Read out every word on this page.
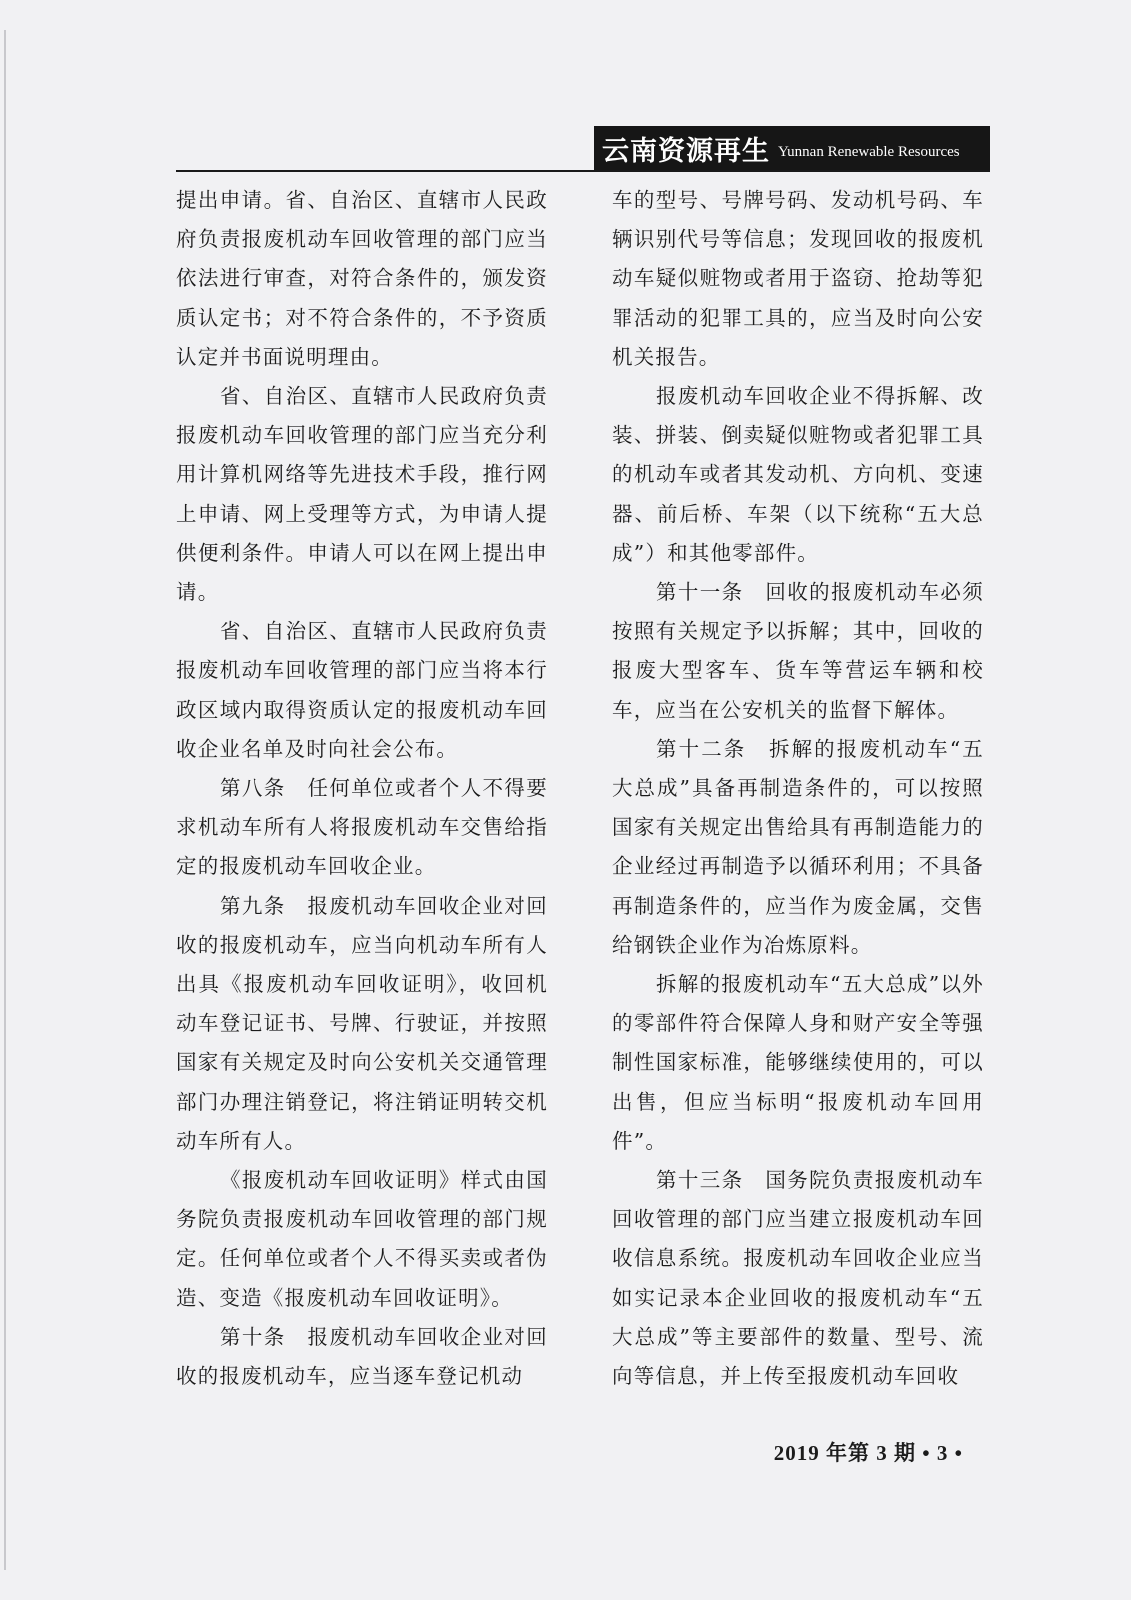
云南资源再生 Yunnan Renewable Resources

提出申请。省、自治区、直辖市人民政府负责报废机动车回收管理的部门应当依法进行审查，对符合条件的，颁发资质认定书；对不符合条件的，不予资质认定并书面说明理由。

省、自治区、直辖市人民政府负责报废机动车回收管理的部门应当充分利用计算机网络等先进技术手段，推行网上申请、网上受理等方式，为申请人提供便利条件。申请人可以在网上提出申请。

省、自治区、直辖市人民政府负责报废机动车回收管理的部门应当将本行政区域内取得资质认定的报废机动车回收企业名单及时向社会公布。

第八条　任何单位或者个人不得要求机动车所有人将报废机动车交售给指定的报废机动车回收企业。

第九条　报废机动车回收企业对回收的报废机动车，应当向机动车所有人出具《报废机动车回收证明》，收回机动车登记证书、号牌、行驶证，并按照国家有关规定及时向公安机关交通管理部门办理注销登记，将注销证明转交机动车所有人。

《报废机动车回收证明》样式由国务院负责报废机动车回收管理的部门规定。任何单位或者个人不得买卖或者伪造、变造《报废机动车回收证明》。

第十条　报废机动车回收企业对回收的报废机动车，应当逐车登记机动

车的型号、号牌号码、发动机号码、车辆识别代号等信息；发现回收的报废机动车疑似赃物或者用于盗窃、抢劫等犯罪活动的犯罪工具的，应当及时向公安机关报告。

报废机动车回收企业不得拆解、改装、拼装、倒卖疑似赃物或者犯罪工具的机动车或者其发动机、方向机、变速器、前后桥、车架（以下统称“五大总成”）和其他零部件。

第十一条　回收的报废机动车必须按照有关规定予以拆解；其中，回收的报废大型客车、货车等营运车辆和校车，应当在公安机关的监督下解体。

第十二条　拆解的报废机动车“五大总成”具备再制造条件的，可以按照国家有关规定出售给具有再制造能力的企业经过再制造予以循环利用；不具备再制造条件的，应当作为废金属，交售给钢铁企业作为冶炼原料。

拆解的报废机动车“五大总成”以外的零部件符合保障人身和财产安全等强制性国家标准，能够继续使用的，可以出售，但应当标明“报废机动车回用件”。

第十三条　国务院负责报废机动车回收管理的部门应当建立报废机动车回收信息系统。报废机动车回收企业应当如实记录本企业回收的报废机动车“五大总成”等主要部件的数量、型号、流向等信息，并上传至报废机动车回收

2019 年第 3 期 • 3 •
